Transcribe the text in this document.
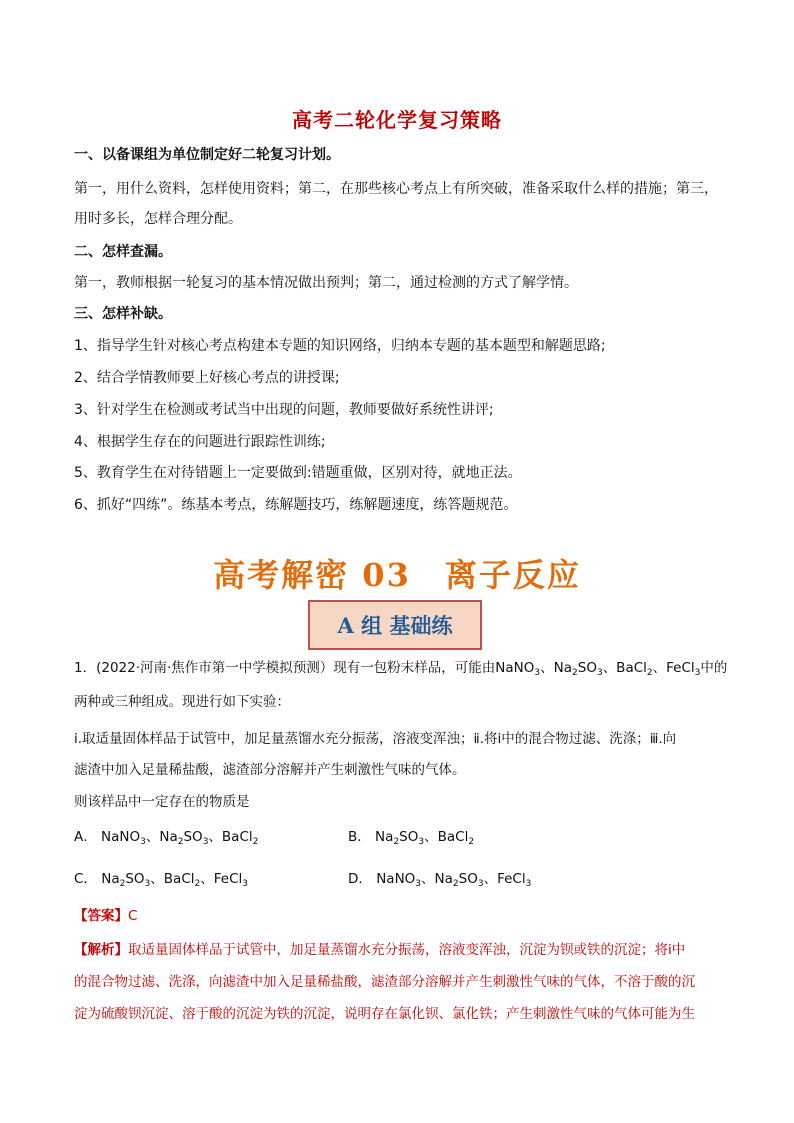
高考二轮化学复习策略
一、以备课组为单位制定好二轮复习计划。
第一，用什么资料，怎样使用资料；第二，在那些核心考点上有所突破，准备采取什么样的措施；第三，
用时多长，怎样合理分配。
二、怎样查漏。
第一，教师根据一轮复习的基本情况做出预判；第二，通过检测的方式了解学情。
三、怎样补缺。
1、指导学生针对核心考点构建本专题的知识网络，归纳本专题的基本题型和解题思路;
2、结合学情教师要上好核心考点的讲授课;
3、针对学生在检测或考试当中出现的问题，教师要做好系统性讲评;
4、根据学生存在的问题进行跟踪性训练;
5、教育学生在对待错题上一定要做到:错题重做，区别对待，就地正法。
6、抓好“四练”。练基本考点，练解题技巧，练解题速度，练答题规范。
高考解密 03　离子反应
A 组 基础练
1．(2022·河南·焦作市第一中学模拟预测）现有一包粉末样品，可能由NaNO$_3$、$Na_2SO_3$、BaCl$_2$、FeCl$_3$中的
两种或三种组成。现进行如下实验：
ⅰ.取适量固体样品于试管中，加足量蒸馏水充分振荡，溶液变浑浊；ⅱ.将ⅰ中的混合物过滤、洗涤；ⅲ.向
滤渣中加入足量稀盐酸，滤渣部分溶解并产生刺激性气味的气体。
则该样品中一定存在的物质是
A． NaNO$_3$、$Na_2SO_3$、BaCl$_2$	B． $Na_2SO_3$、BaCl$_2$
C． $Na_2SO_3$、BaCl$_2$、FeCl$_3$	D． NaNO$_3$、$Na_2SO_3$、FeCl$_3$
【答案】C
【解析】取适量固体样品于试管中，加足量蒸馏水充分振荡，溶液变浑浊，沉淀为钡或铁的沉淀；将ⅰ中
的混合物过滤、洗涤，向滤渣中加入足量稀盐酸，滤渣部分溶解并产生刺激性气味的气体，不溶于酸的沉
淀为硫酸钡沉淀、溶于酸的沉淀为铁的沉淀，说明存在氯化钡、氯化铁；产生刺激性气味的气体可能为生
